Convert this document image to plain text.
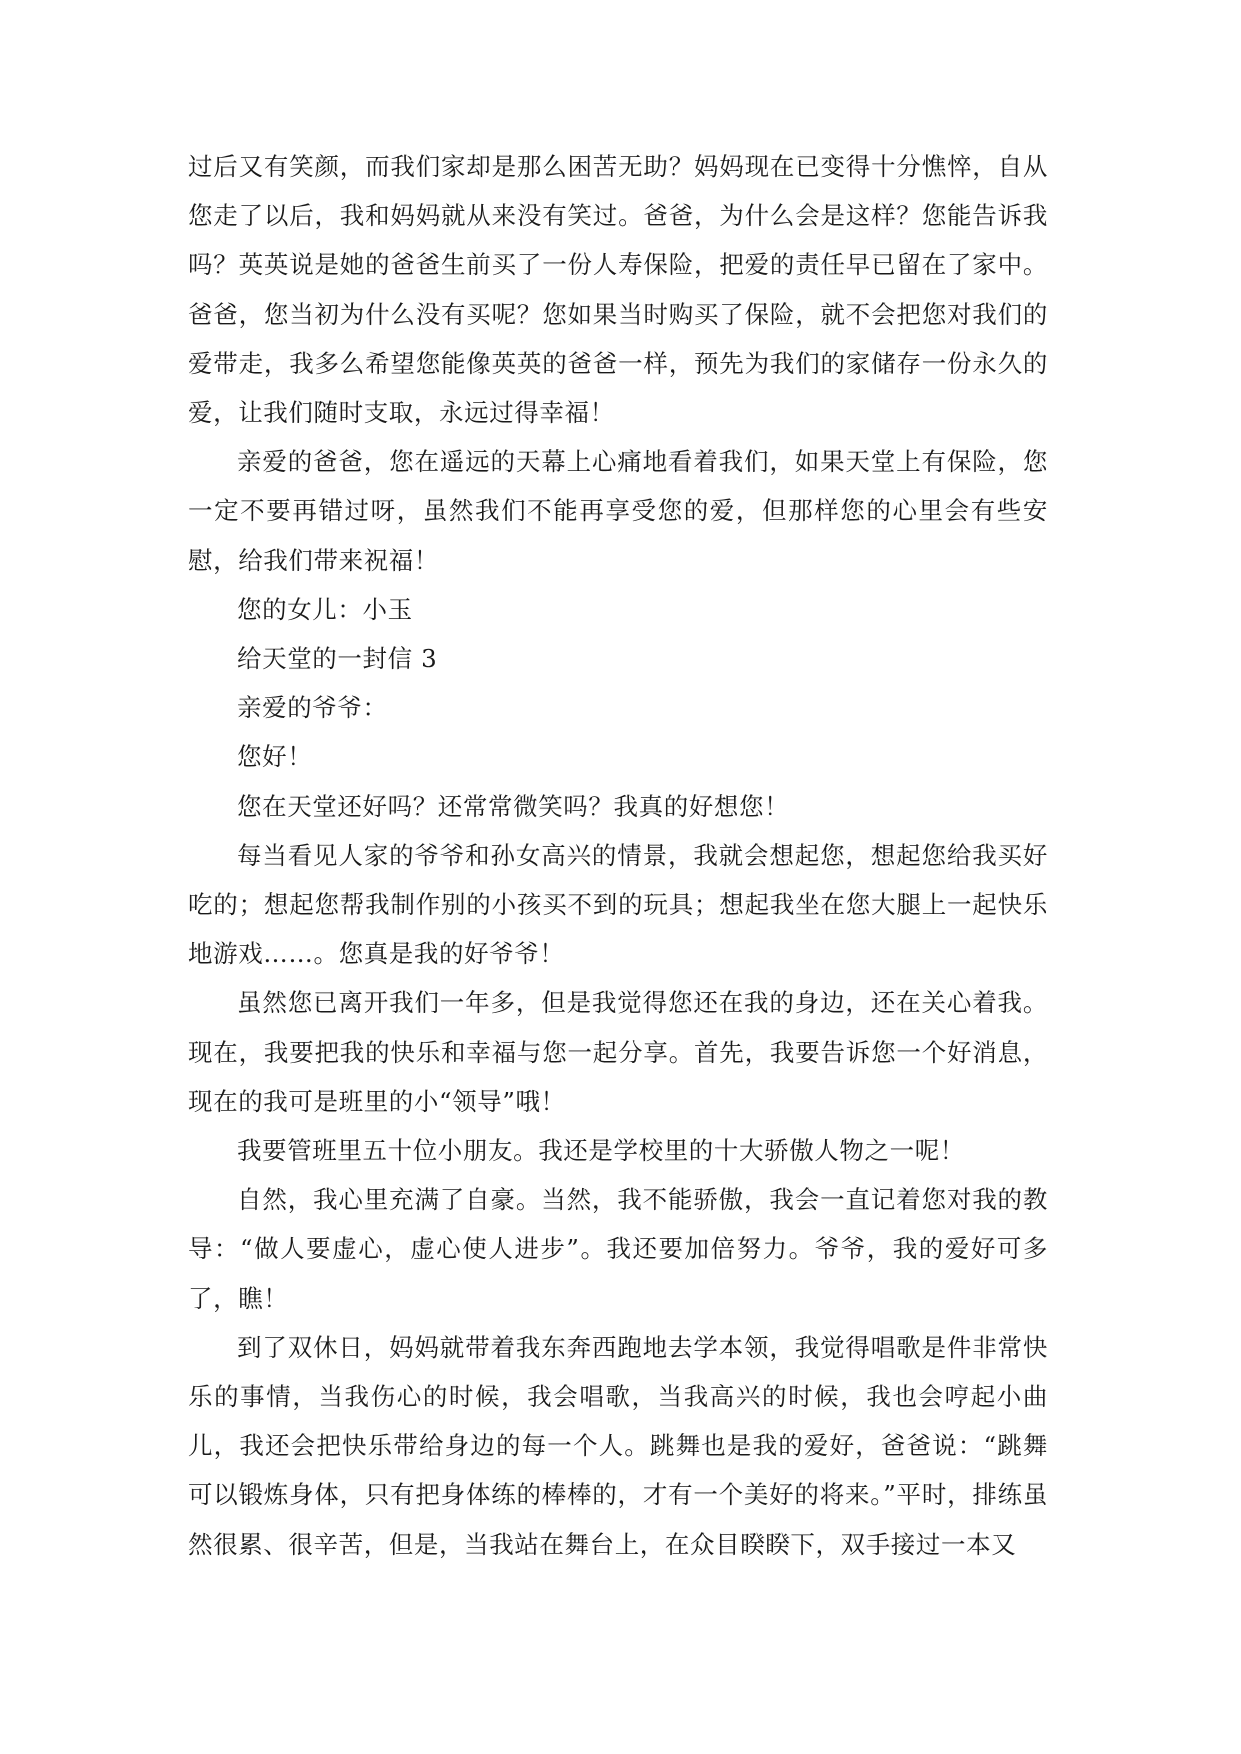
过后又有笑颜，而我们家却是那么困苦无助？妈妈现在已变得十分憔悴，自从您走了以后，我和妈妈就从来没有笑过。爸爸，为什么会是这样？您能告诉我吗？英英说是她的爸爸生前买了一份人寿保险，把爱的责任早已留在了家中。爸爸，您当初为什么没有买呢？您如果当时购买了保险，就不会把您对我们的爱带走，我多么希望您能像英英的爸爸一样，预先为我们的家储存一份永久的爱，让我们随时支取，永远过得幸福！

亲爱的爸爸，您在遥远的天幕上心痛地看着我们，如果天堂上有保险，您一定不要再错过呀，虽然我们不能再享受您的爱，但那样您的心里会有些安慰，给我们带来祝福！

您的女儿：小玉

给天堂的一封信 3

亲爱的爷爷：

您好！

您在天堂还好吗？还常常微笑吗？我真的好想您！

每当看见人家的爷爷和孙女高兴的情景，我就会想起您，想起您给我买好吃的；想起您帮我制作别的小孩买不到的玩具；想起我坐在您大腿上一起快乐地游戏……。您真是我的好爷爷！

虽然您已离开我们一年多，但是我觉得您还在我的身边，还在关心着我。现在，我要把我的快乐和幸福与您一起分享。首先，我要告诉您一个好消息，现在的我可是班里的小“领导”哦！

我要管班里五十位小朋友。我还是学校里的十大骄傲人物之一呢！

自然，我心里充满了自豪。当然，我不能骄傲，我会一直记着您对我的教导：“做人要虚心，虚心使人进步”。我还要加倍努力。爷爷，我的爱好可多了，瞧！

到了双休日，妈妈就带着我东奔西跑地去学本领，我觉得唱歌是件非常快乐的事情，当我伤心的时候，我会唱歌，当我高兴的时候，我也会哼起小曲儿，我还会把快乐带给身边的每一个人。跳舞也是我的爱好，爸爸说：“跳舞可以锻炼身体，只有把身体练的棒棒的，才有一个美好的将来。”平时，排练虽然很累、很辛苦，但是，当我站在舞台上，在众目睽睽下，双手接过一本又
